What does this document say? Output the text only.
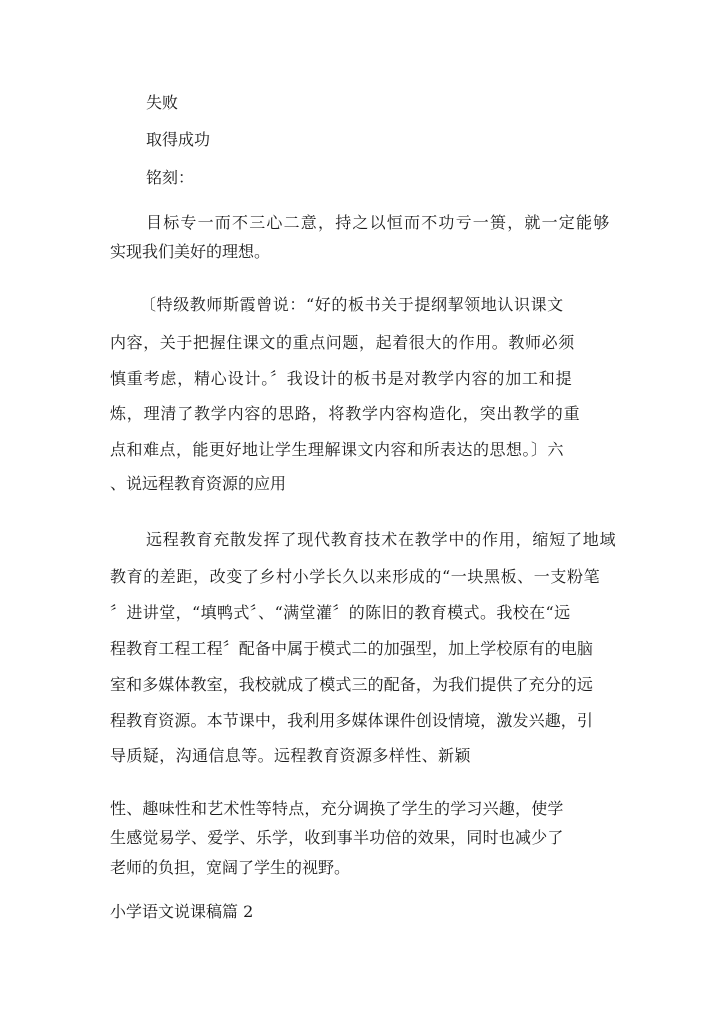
失败

取得成功

铭刻：

目标专一而不三心二意，持之以恒而不功亏一篑，就一定能够

实现我们美好的理想。

〔特级教师斯霞曾说：“好的板书关于提纲挈领地认识课文

内容，关于把握住课文的重点问题，起着很大的作用。教师必须

慎重考虑，精心设计。〞我设计的板书是对教学内容的加工和提

炼，理清了教学内容的思路，将教学内容构造化，突出教学的重

点和难点，能更好地让学生理解课文内容和所表达的思想。〕六

、说远程教育资源的应用

远程教育充散发挥了现代教育技术在教学中的作用，缩短了地域

教育的差距，改变了乡村小学长久以来形成的“一块黑板、一支粉笔

〞进讲堂，“填鸭式〞、“满堂灌〞的陈旧的教育模式。我校在“远

程教育工程工程〞配备中属于模式二的加强型，加上学校原有的电脑

室和多媒体教室，我校就成了模式三的配备，为我们提供了充分的远

程教育资源。本节课中，我利用多媒体课件创设情境，激发兴趣，引

导质疑，沟通信息等。远程教育资源多样性、新颖

性、趣味性和艺术性等特点，充分调换了学生的学习兴趣，使学

生感觉易学、爱学、乐学，收到事半功倍的效果，同时也减少了

老师的负担，宽阔了学生的视野。

小学语文说课稿篇 2
